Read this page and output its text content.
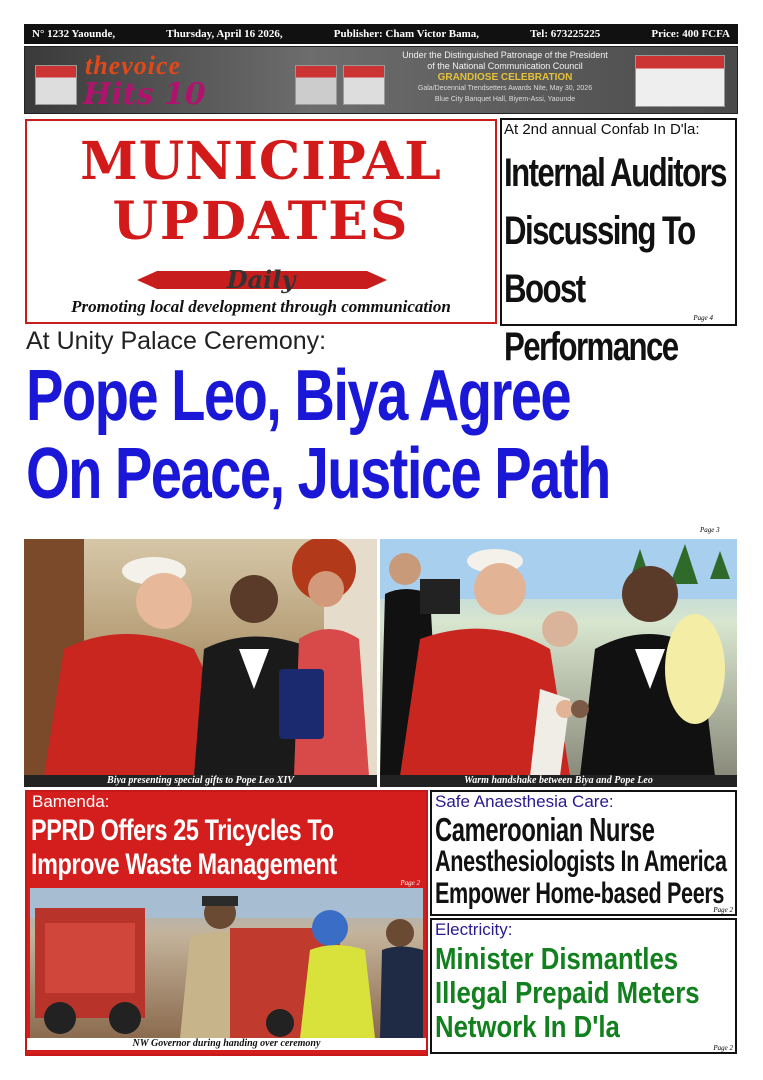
N° 1232 Yaounde,	Thursday, April 16 2026,	Publisher: Cham Victor Bama,	Tel: 673225225	Price: 400 FCFA
thevoice
Hits 10
Under the Distinguished Patronage of the President
of the National Communication Council
GRANDIOSE CELEBRATION
Gala/Decennial Trendsetters Awards Nite, May 30, 2026
Blue City Banquet Hall, Biyem-Assi, Yaounde
MUNICIPAL
UPDATES
Daily
Promoting local development through communication
At 2nd annual Confab In D'la:
Internal Auditors
Discussing To
Boost Performance
Page 4
At Unity Palace Ceremony:
Pope Leo, Biya Agree
On Peace, Justice Path
Page 3
Biya presenting special gifts to Pope Leo XIV	Warm handshake between Biya and Pope Leo
Bamenda:
PPRD Offers 25 Tricycles To
Improve Waste Management
Page 2
NW Governor during handing over ceremony
Safe Anaesthesia Care:
Cameroonian Nurse
Anesthesiologists In America
Empower Home-based Peers
Page 2
Electricity:
Minister Dismantles
Illegal Prepaid Meters
Network In D'la
Page 2
